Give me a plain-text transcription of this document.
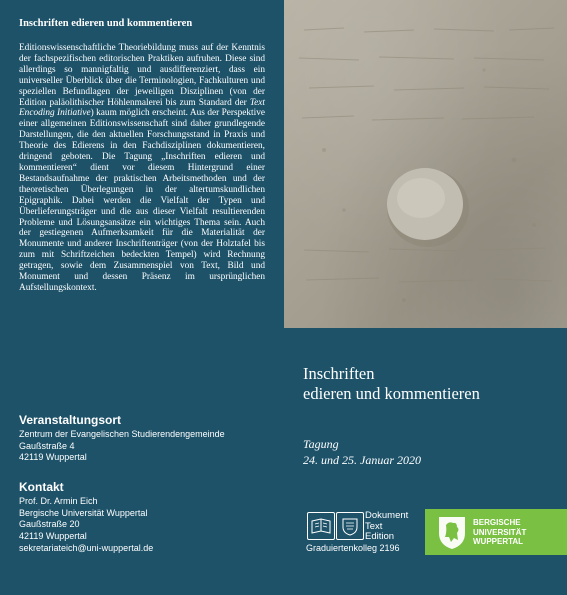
Inschriften edieren und kommentieren

Editionswissenschaftliche Theoriebildung muss auf der Kenntnis der fachspezifischen editorischen Praktiken aufruhen. Diese sind allerdings so mannigfaltig und ausdifferenziert, dass ein universeller Überblick über die Terminologien, Fachkulturen und speziellen Befundlagen der jeweiligen Disziplinen (von der Edition paläolithischer Höhlenmalerei bis zum Standard der Text Encoding Initiative) kaum möglich erscheint. Aus der Perspektive einer allgemeinen Editionswissenschaft sind daher grundlegende Darstellungen, die den aktuellen Forschungsstand in Praxis und Theorie des Edierens in den Fachdisziplinen dokumentieren, dringend geboten. Die Tagung „Inschriften edieren und kommentieren“ dient vor diesem Hintergrund einer Bestandsaufnahme der praktischen Arbeitsmethoden und der theoretischen Überlegungen in der altertumskundlichen Epigraphik. Dabei werden die Vielfalt der Typen und Überlieferungsträger und die aus dieser Vielfalt resultierenden Probleme und Lösungsansätze ein wichtiges Thema sein. Auch der gestiegenen Aufmerksamkeit für die Materialität der Monumente und anderer Inschriftenträger (von der Holztafel bis zum mit Schriftzeichen bedeckten Tempel) wird Rechnung getragen, sowie dem Zusammenspiel von Text, Bild und Monument und dessen Präsenz im ursprünglichen Aufstellungskontext.

Veranstaltungsort
Zentrum der Evangelischen Studierendengemeinde
Gaußstraße 4
42119 Wuppertal
Kontakt
Prof. Dr. Armin Eich
Bergische Universität Wuppertal
Gaußstraße 20
42119 Wuppertal
sekretariateich@uni-wuppertal.de
Inschriften
edieren und kommentieren
Tagung
24. und 25. Januar 2020
Dokument
Text
Edition
Graduiertenkolleg 2196
BERGISCHE
UNIVERSITÄT
WUPPERTAL
